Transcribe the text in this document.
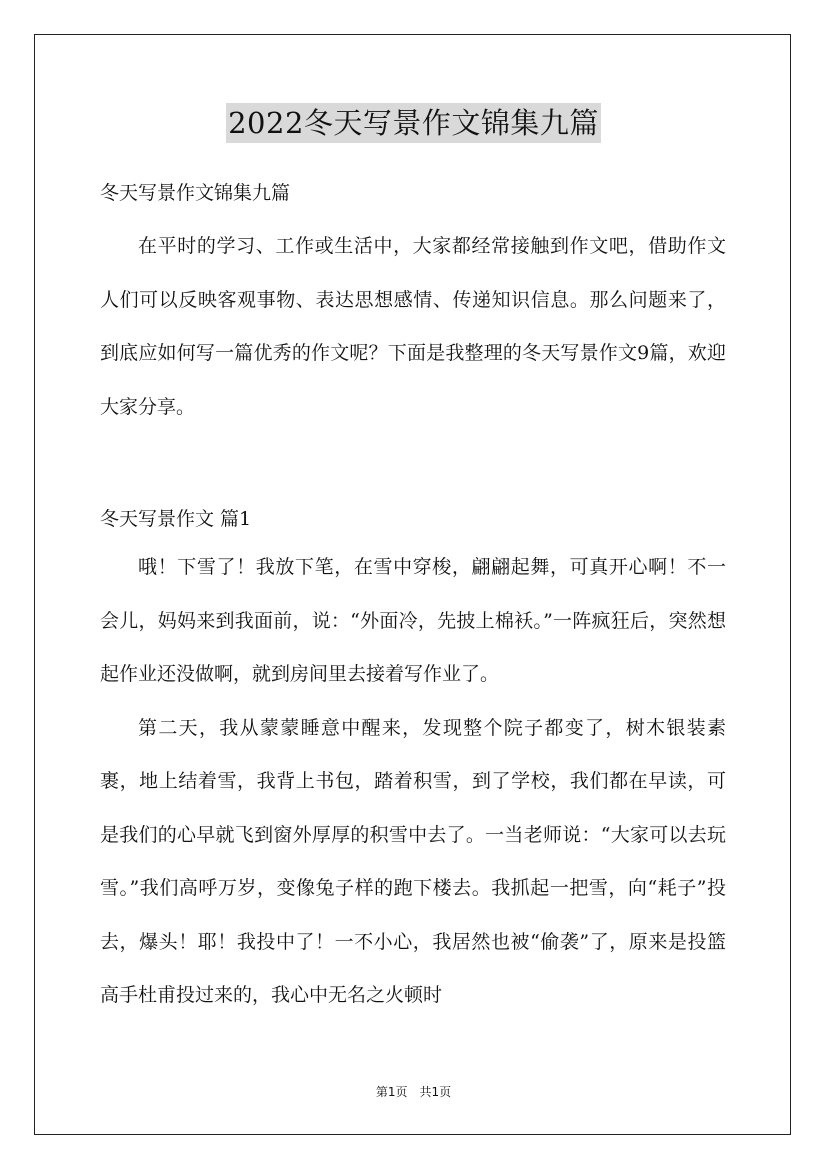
2022冬天写景作文锦集九篇
冬天写景作文锦集九篇

在平时的学习、工作或生活中，大家都经常接触到作文吧，借助作文人们可以反映客观事物、表达思想感情、传递知识信息。那么问题来了，到底应如何写一篇优秀的作文呢？下面是我整理的冬天写景作文9篇，欢迎大家分享。

冬天写景作文 篇1

哦！下雪了！我放下笔，在雪中穿梭，翩翩起舞，可真开心啊！不一会儿，妈妈来到我面前，说：“外面冷，先披上棉袄。”一阵疯狂后，突然想起作业还没做啊，就到房间里去接着写作业了。

第二天，我从蒙蒙睡意中醒来，发现整个院子都变了，树木银装素裹，地上结着雪，我背上书包，踏着积雪，到了学校，我们都在早读，可是我们的心早就飞到窗外厚厚的积雪中去了。一当老师说：“大家可以去玩雪。”我们高呼万岁，变像兔子样的跑下楼去。我抓起一把雪，向“耗子”投去，爆头！耶！我投中了！一不小心，我居然也被“偷袭”了，原来是投篮高手杜甫投过来的，我心中无名之火顿时

第1页　共1页
